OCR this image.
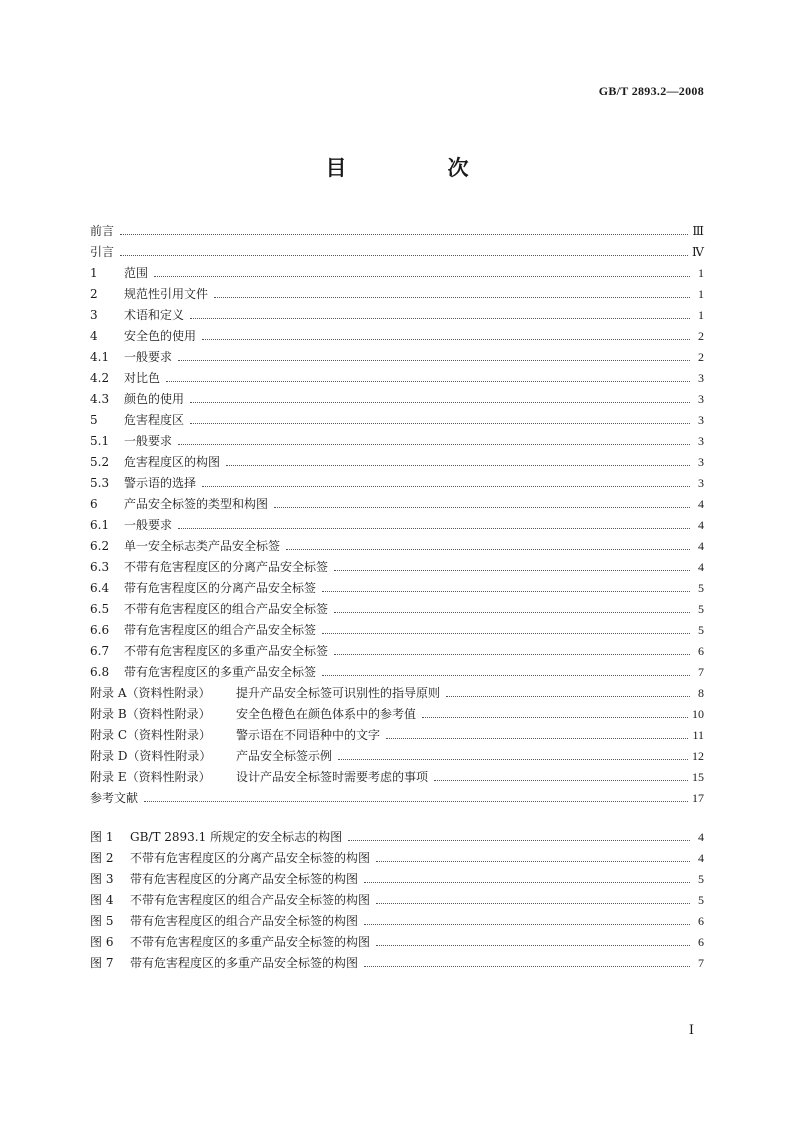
GB/T 2893.2—2008
目　次
前言	Ⅲ
引言	Ⅳ
1	范围	1
2	规范性引用文件	1
3	术语和定义	1
4	安全色的使用	2
4.1	一般要求	2
4.2	对比色	3
4.3	颜色的使用	3
5	危害程度区	3
5.1	一般要求	3
5.2	危害程度区的构图	3
5.3	警示语的选择	3
6	产品安全标签的类型和构图	4
6.1	一般要求	4
6.2	单一安全标志类产品安全标签	4
6.3	不带有危害程度区的分离产品安全标签	4
6.4	带有危害程度区的分离产品安全标签	5
6.5	不带有危害程度区的组合产品安全标签	5
6.6	带有危害程度区的组合产品安全标签	5
6.7	不带有危害程度区的多重产品安全标签	6
6.8	带有危害程度区的多重产品安全标签	7
附录 A（资料性附录）	提升产品安全标签可识别性的指导原则	8
附录 B（资料性附录）	安全色橙色在颜色体系中的参考值	10
附录 C（资料性附录）	警示语在不同语种中的文字	11
附录 D（资料性附录）	产品安全标签示例	12
附录 E（资料性附录）	设计产品安全标签时需要考虑的事项	15
参考文献	17
图 1	GB/T 2893.1 所规定的安全标志的构图	4
图 2	不带有危害程度区的分离产品安全标签的构图	4
图 3	带有危害程度区的分离产品安全标签的构图	5
图 4	不带有危害程度区的组合产品安全标签的构图	5
图 5	带有危害程度区的组合产品安全标签的构图	6
图 6	不带有危害程度区的多重产品安全标签的构图	6
图 7	带有危害程度区的多重产品安全标签的构图	7
Ⅰ
